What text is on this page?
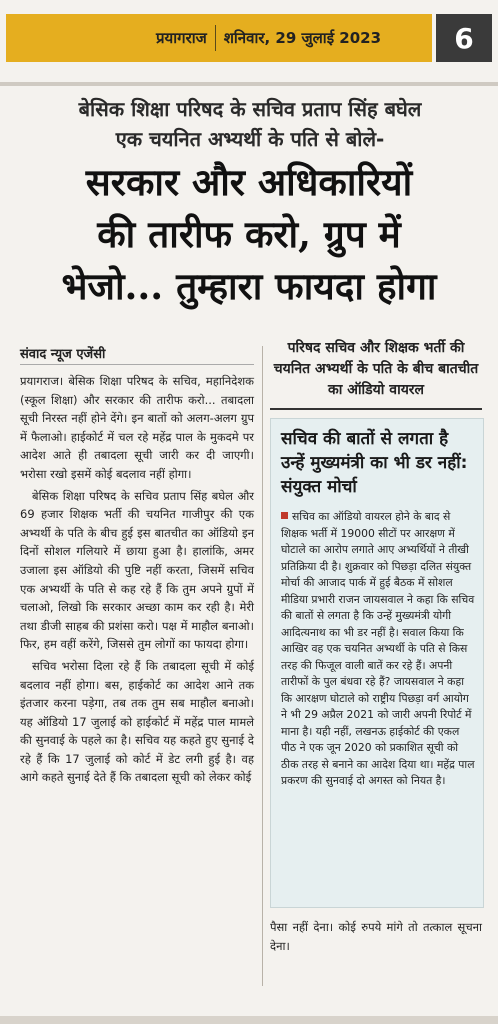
प्रयागराज शनिवार, 29 जुलाई 2023	6
बेसिक शिक्षा परिषद के सचिव प्रताप सिंह बघेल
एक चयनित अभ्यर्थी के पति से बोले-
सरकार और अधिकारियों
की तारीफ करो, ग्रुप में
भेजो... तुम्हारा फायदा होगा
संवाद न्यूज एजेंसी

प्रयागराज। बेसिक शिक्षा परिषद के सचिव, महानिदेशक (स्कूल शिक्षा) और सरकार की तारीफ करो... तबादला सूची निरस्त नहीं होने देंगे। इन बातों को अलग-अलग ग्रुप में फैलाओ। हाईकोर्ट में चल रहे महेंद्र पाल के मुकदमे पर आदेश आते ही तबादला सूची जारी कर दी जाएगी। भरोसा रखो इसमें कोई बदलाव नहीं होगा।

बेसिक शिक्षा परिषद के सचिव प्रताप सिंह बघेल और 69 हजार शिक्षक भर्ती की चयनित गाजीपुर की एक अभ्यर्थी के पति के बीच हुई इस बातचीत का ऑडियो इन दिनों सोशल गलियारे में छाया हुआ है। हालांकि, अमर उजाला इस ऑडियो की पुष्टि नहीं करता, जिसमें सचिव एक अभ्यर्थी के पति से कह रहे हैं कि तुम अपने ग्रुपों में चलाओ, लिखो कि सरकार अच्छा काम कर रही है। मेरी तथा डीजी साहब की प्रशंसा करो। पक्ष में माहौल बनाओ। फिर, हम वहीं करेंगे, जिससे तुम लोगों का फायदा होगा।

सचिव भरोसा दिला रहे हैं कि तबादला सूची में कोई बदलाव नहीं होगा। बस, हाईकोर्ट का आदेश आने तक इंतजार करना पड़ेगा, तब तक तुम सब माहौल बनाओ। यह ऑडियो 17 जुलाई को हाईकोर्ट में महेंद्र पाल मामले की सुनवाई के पहले का है। सचिव यह कहते हुए सुनाई दे रहे हैं कि 17 जुलाई को कोर्ट में डेट लगी हुई है। वह आगे कहते सुनाई देते हैं कि तबादला सूची को लेकर कोई

परिषद सचिव और शिक्षक भर्ती की चयनित अभ्यर्थी के पति के बीच बातचीत का ऑडियो वायरल
सचिव की बातों से लगता है उन्हें मुख्यमंत्री का भी डर नहीं: संयुक्त मोर्चा
सचिव का ऑडियो वायरल होने के बाद से शिक्षक भर्ती में 19000 सीटों पर आरक्षण में घोटाले का आरोप लगाते आए अभ्यर्थियों ने तीखी प्रतिक्रिया दी है। शुक्रवार को पिछड़ा दलित संयुक्त मोर्चा की आजाद पार्क में हुई बैठक में सोशल मीडिया प्रभारी राजन जायसवाल ने कहा कि सचिव की बातों से लगता है कि उन्हें मुख्यमंत्री योगी आदित्यनाथ का भी डर नहीं है। सवाल किया कि आखिर वह एक चयनित अभ्यर्थी के पति से किस तरह की फिजूल वाली बातें कर रहे हैं। अपनी तारीफों के पुल बंधवा रहे हैं? जायसवाल ने कहा कि आरक्षण घोटाले को राष्ट्रीय पिछड़ा वर्ग आयोग ने भी 29 अप्रैल 2021 को जारी अपनी रिपोर्ट में माना है। यही नहीं, लखनऊ हाईकोर्ट की एकल पीठ ने एक जून 2020 को प्रकाशित सूची को ठीक तरह से बनाने का आदेश दिया था। महेंद्र पाल प्रकरण की सुनवाई दो अगस्त को नियत है।
पैसा नहीं देना। कोई रुपये मांगे तो तत्काल सूचना देना।
